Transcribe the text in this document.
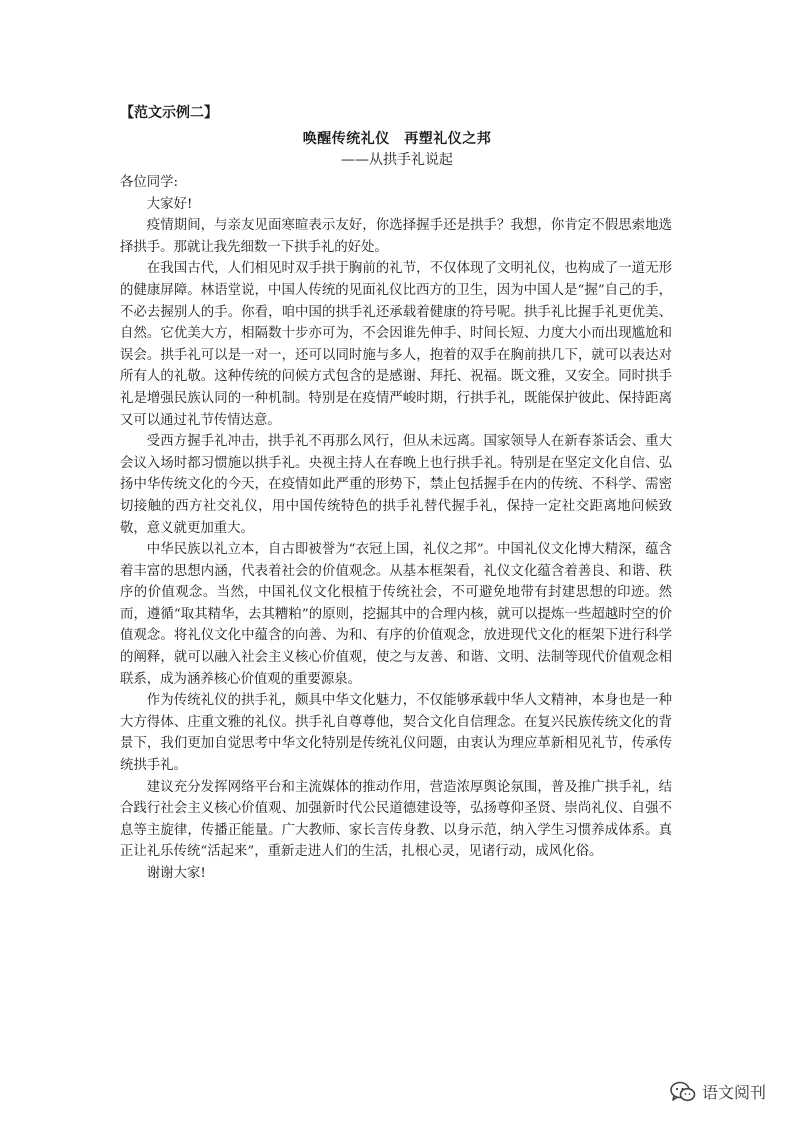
【范文示例二】
唤醒传统礼仪　再塑礼仪之邦
——从拱手礼说起

各位同学:

大家好!

疫情期间，与亲友见面寒暄表示友好，你选择握手还是拱手？我想，你肯定不假思索地选择拱手。那就让我先细数一下拱手礼的好处。

在我国古代，人们相见时双手拱于胸前的礼节，不仅体现了文明礼仪，也构成了一道无形的健康屏障。林语堂说，中国人传统的见面礼仪比西方的卫生，因为中国人是“握”自己的手，不必去握别人的手。你看，咱中国的拱手礼还承载着健康的符号呢。拱手礼比握手礼更优美、自然。它优美大方，相隔数十步亦可为，不会因谁先伸手、时间长短、力度大小而出现尴尬和误会。拱手礼可以是一对一，还可以同时施与多人，抱着的双手在胸前拱几下，就可以表达对所有人的礼敬。这种传统的问候方式包含的是感谢、拜托、祝福。既文雅，又安全。同时拱手礼是增强民族认同的一种机制。特别是在疫情严峻时期，行拱手礼，既能保护彼此、保持距离又可以通过礼节传情达意。

受西方握手礼冲击，拱手礼不再那么风行，但从未远离。国家领导人在新春茶话会、重大会议入场时都习惯施以拱手礼。央视主持人在春晚上也行拱手礼。特别是在坚定文化自信、弘扬中华传统文化的今天，在疫情如此严重的形势下，禁止包括握手在内的传统、不科学、需密切接触的西方社交礼仪，用中国传统特色的拱手礼替代握手礼，保持一定社交距离地问候致敬，意义就更加重大。

中华民族以礼立本，自古即被誉为“衣冠上国，礼仪之邦”。中国礼仪文化博大精深，蕴含着丰富的思想内涵，代表着社会的价值观念。从基本框架看，礼仪文化蕴含着善良、和谐、秩序的价值观念。当然，中国礼仪文化根植于传统社会，不可避免地带有封建思想的印迹。然而，遵循“取其精华，去其糟粕”的原则，挖掘其中的合理内核，就可以提炼一些超越时空的价值观念。将礼仪文化中蕴含的向善、为和、有序的价值观念，放进现代文化的框架下进行科学的阐释，就可以融入社会主义核心价值观，使之与友善、和谐、文明、法制等现代价值观念相联系，成为涵养核心价值观的重要源泉。

作为传统礼仪的拱手礼，颇具中华文化魅力，不仅能够承载中华人文精神，本身也是一种大方得体、庄重文雅的礼仪。拱手礼自尊尊他，契合文化自信理念。在复兴民族传统文化的背景下，我们更加自觉思考中华文化特别是传统礼仪问题，由衷认为理应革新相见礼节，传承传统拱手礼。

建议充分发挥网络平台和主流媒体的推动作用，营造浓厚舆论氛围，普及推广拱手礼，结合践行社会主义核心价值观、加强新时代公民道德建设等，弘扬尊仰圣贤、崇尚礼仪、自强不息等主旋律，传播正能量。广大教师、家长言传身教、以身示范，纳入学生习惯养成体系。真正让礼乐传统“活起来”，重新走进人们的生活，扎根心灵，见诸行动，成风化俗。

谢谢大家!

语文阅刊
